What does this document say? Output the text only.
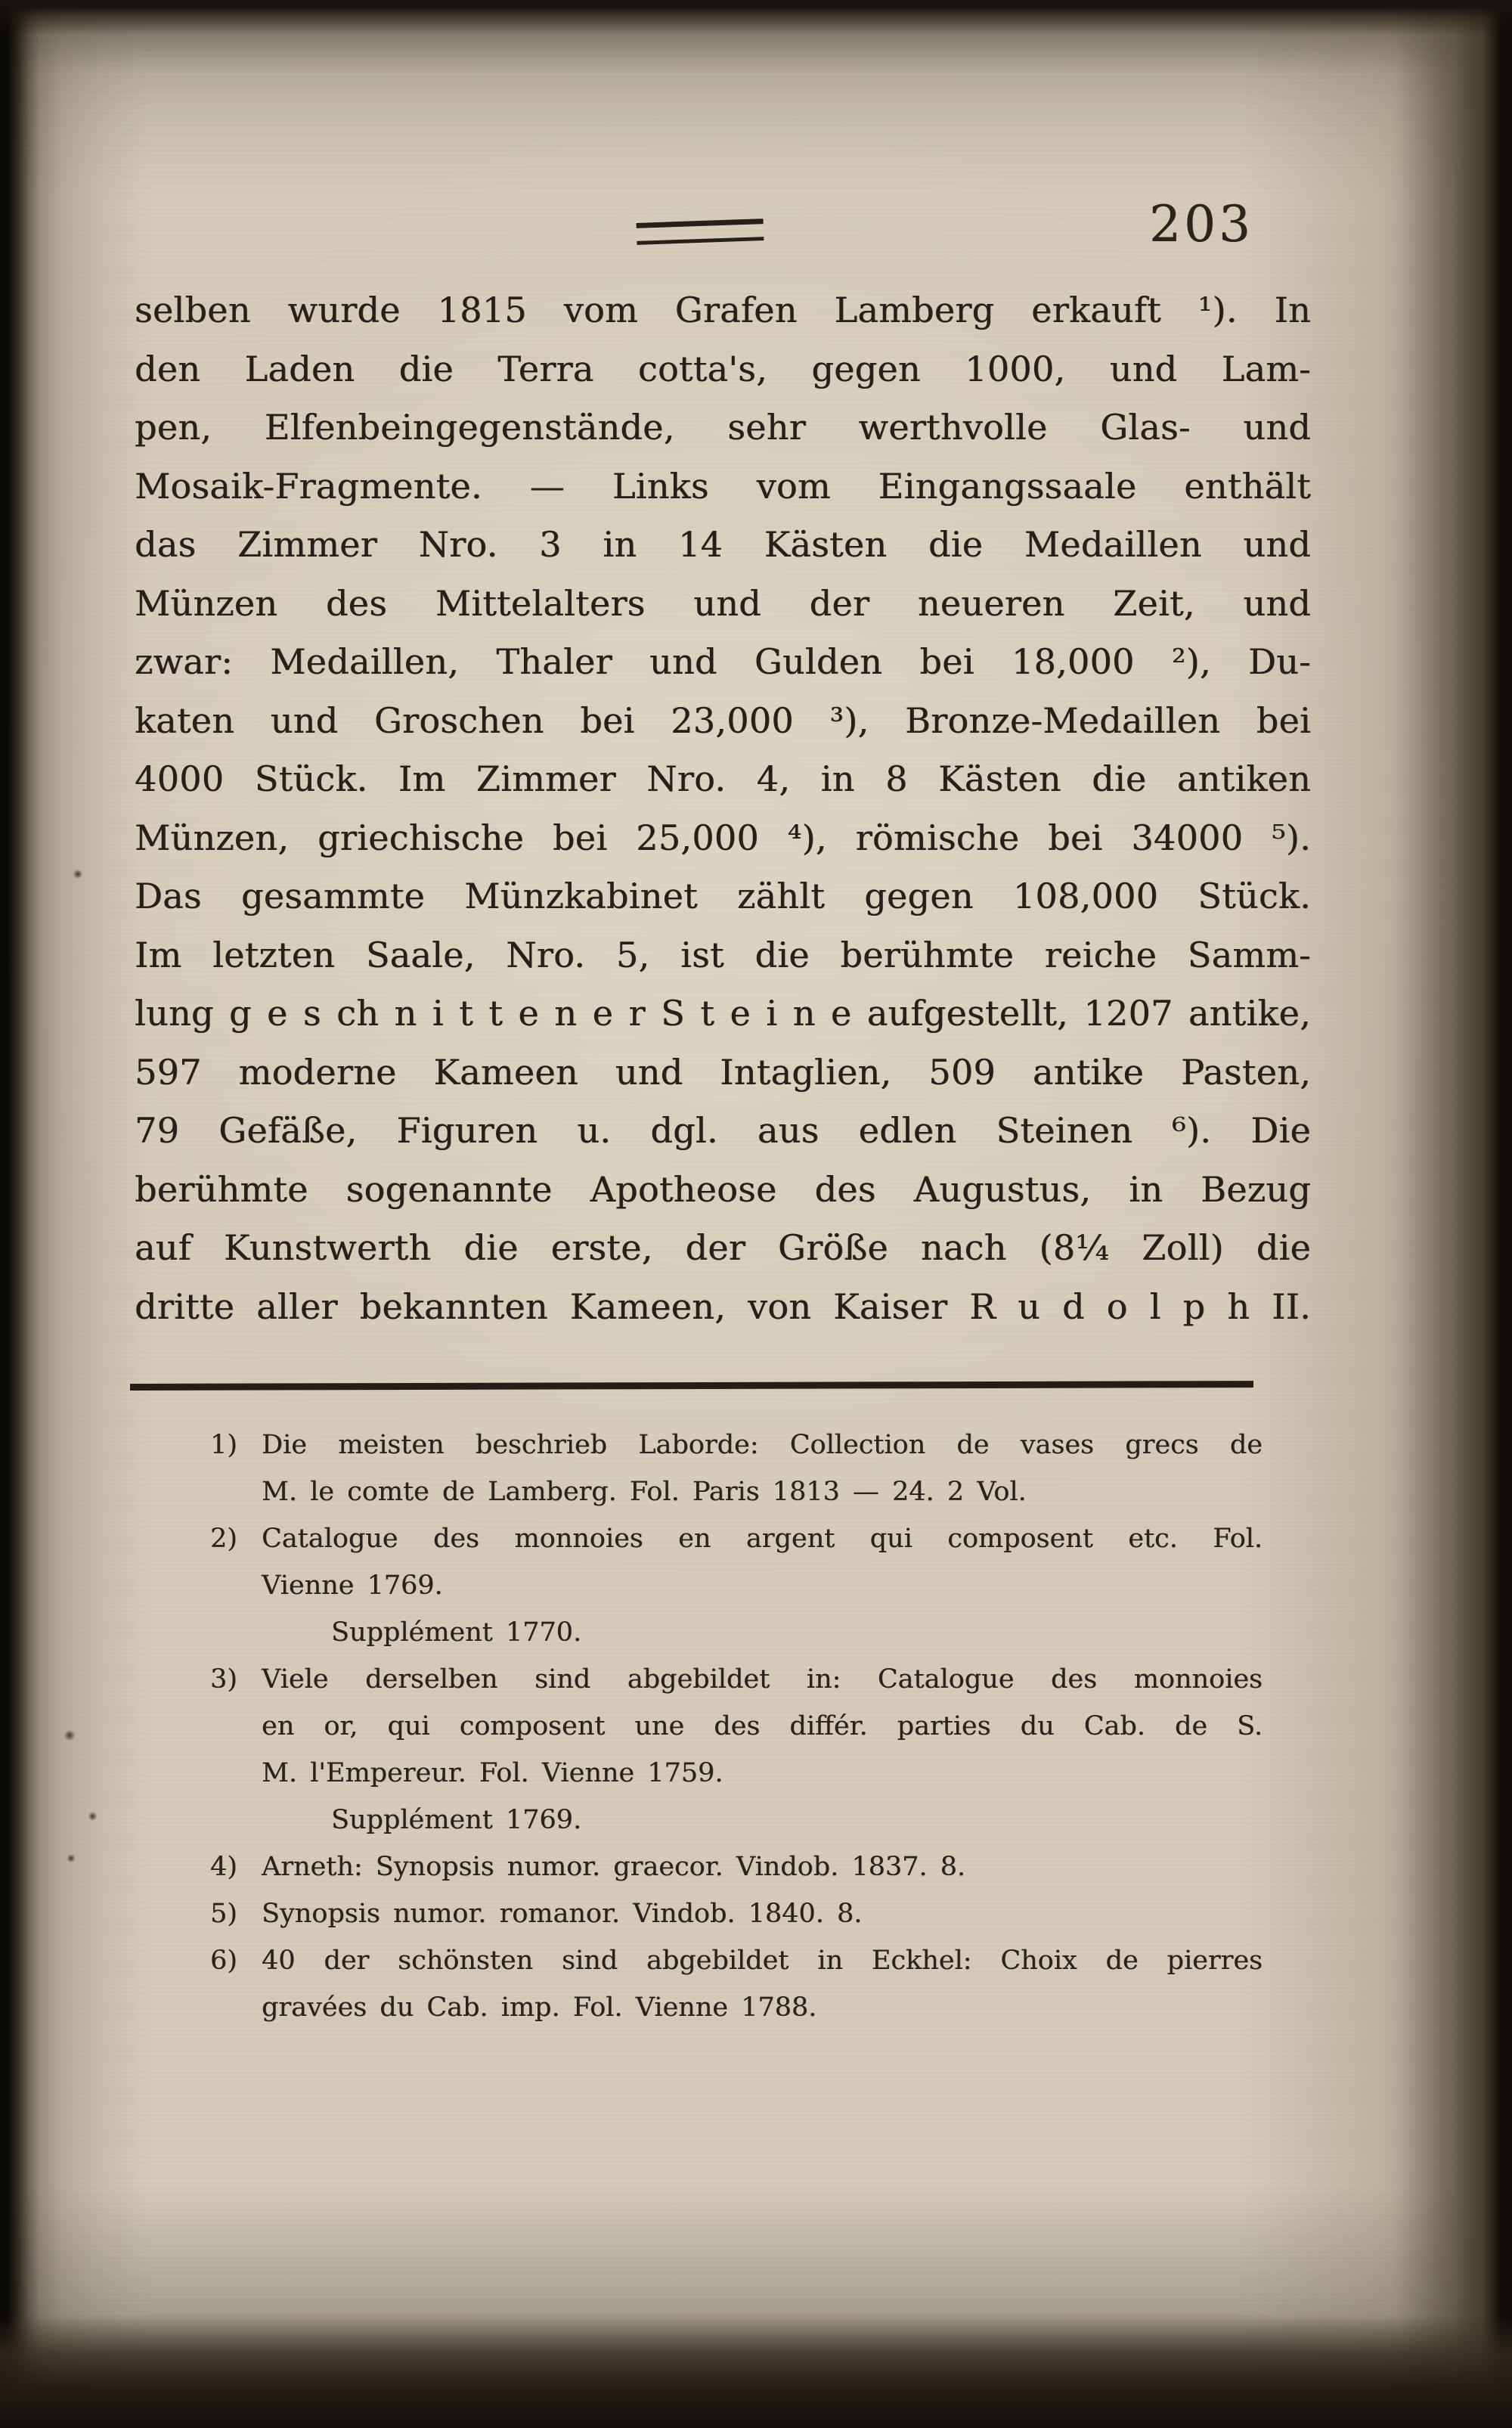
203
selben wurde 1815 vom Grafen Lamberg erkauft ¹). In
den Laden die Terra cotta's, gegen 1000, und Lam-
pen, Elfenbeingegenstände, sehr werthvolle Glas- und
Mosaik-Fragmente. — Links vom Eingangssaale enthält
das Zimmer Nro. 3 in 14 Kästen die Medaillen und
Münzen des Mittelalters und der neueren Zeit, und
zwar: Medaillen, Thaler und Gulden bei 18,000 ²), Du-
katen und Groschen bei 23,000 ³), Bronze-Medaillen bei
4000 Stück. Im Zimmer Nro. 4, in 8 Kästen die antiken
Münzen, griechische bei 25,000 ⁴), römische bei 34000 ⁵).
Das gesammte Münzkabinet zählt gegen 108,000 Stück.
Im letzten Saale, Nro. 5, ist die berühmte reiche Samm-
lung g e s ch n i t t e n e r S t e i n e aufgestellt, 1207 antike,
597 moderne Kameen und Intaglien, 509 antike Pasten,
79 Gefäße, Figuren u. dgl. aus edlen Steinen ⁶). Die
berühmte sogenannte Apotheose des Augustus, in Bezug
auf Kunstwerth die erste, der Größe nach (8¼ Zoll) die
dritte aller bekannten Kameen, von Kaiser R u d o l p h II.
1) Die meisten beschrieb Laborde: Collection de vases grecs de
M. le comte de Lamberg. Fol. Paris 1813 — 24. 2 Vol.
2) Catalogue des monnoies en argent qui composent etc. Fol.
Vienne 1769.
Supplément 1770.
3) Viele derselben sind abgebildet in: Catalogue des monnoies
en or, qui composent une des différ. parties du Cab. de S.
M. l'Empereur. Fol. Vienne 1759.
Supplément 1769.
4) Arneth: Synopsis numor. graecor. Vindob. 1837. 8.
5) Synopsis numor. romanor. Vindob. 1840. 8.
6) 40 der schönsten sind abgebildet in Eckhel: Choix de pierres
gravées du Cab. imp. Fol. Vienne 1788.
